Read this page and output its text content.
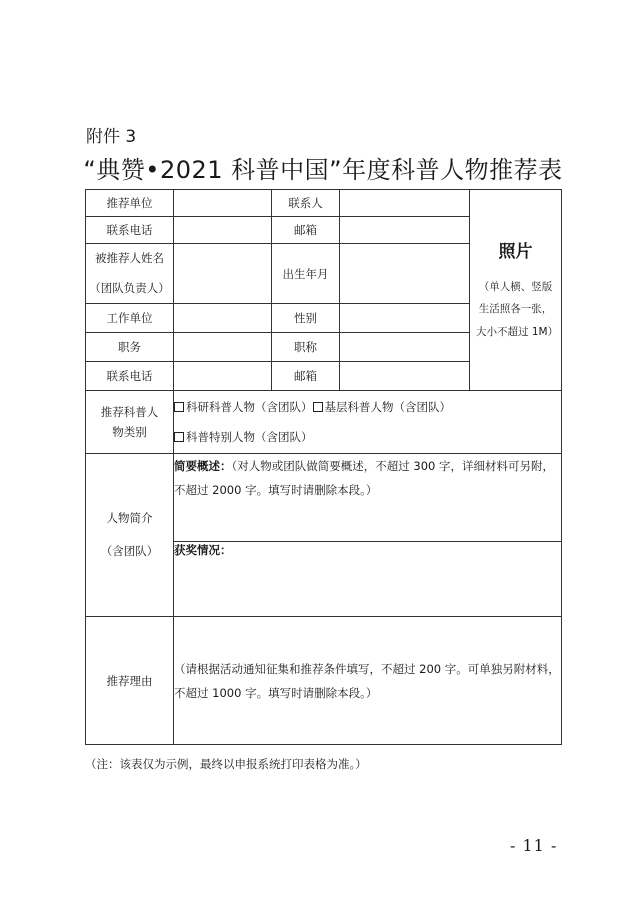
附件 3
“典赞•2021 科普中国”年度科普人物推荐表
推荐单位		联系人		照片
（单人横、竖版生活照各一张，大小不超过 1M）

联系电话		邮箱		

被推荐人姓名
（团队负责人）		出生年月		
工作单位		性别		
职务		职称		
联系电话		邮箱		
推荐科普人物类别	科研科普人物（含团队） 基层科普人物（含团队）
科普特别人物（含团队）			

人物简介
（含团队）	简要概述：（对人物或团队做简要概述，不超过 300 字，详细材料可另附，不超过 2000 字。填写时请删除本段。）			
	获奖情况：			
推荐理由	（请根据活动通知征集和推荐条件填写，不超过 200 字。可单独另附材料，不超过 1000 字。填写时请删除本段。）			
（注：该表仅为示例，最终以申报系统打印表格为准。）
- 11 -
